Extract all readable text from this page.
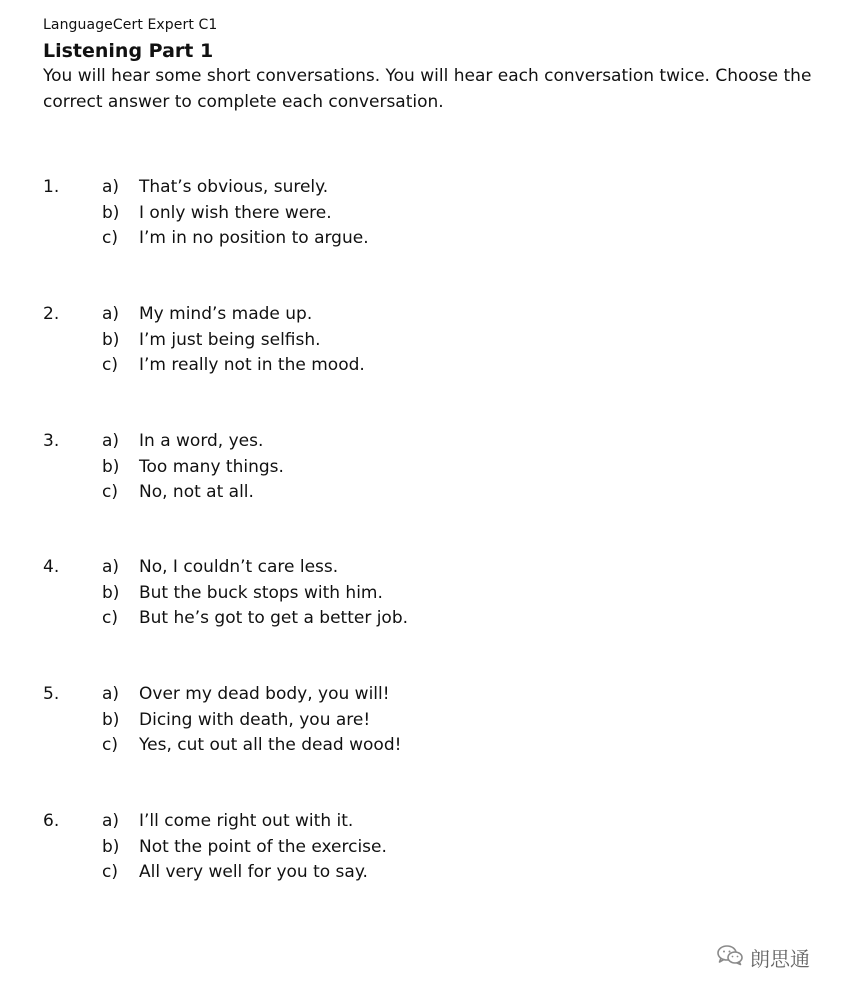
LanguageCert Expert C1
Listening Part 1
You will hear some short conversations. You will hear each conversation twice. Choose the correct answer to complete each conversation.
1.	a) That’s obvious, surely.
b) I only wish there were.
c) I’m in no position to argue.
2.	a) My mind’s made up.
b) I’m just being selfish.
c) I’m really not in the mood.
3.	a) In a word, yes.
b) Too many things.
c) No, not at all.
4.	a) No, I couldn’t care less.
b) But the buck stops with him.
c) But he’s got to get a better job.
5.	a) Over my dead body, you will!
b) Dicing with death, you are!
c) Yes, cut out all the dead wood!
6.	a) I’ll come right out with it.
b) Not the point of the exercise.
c) All very well for you to say.
朗思通
